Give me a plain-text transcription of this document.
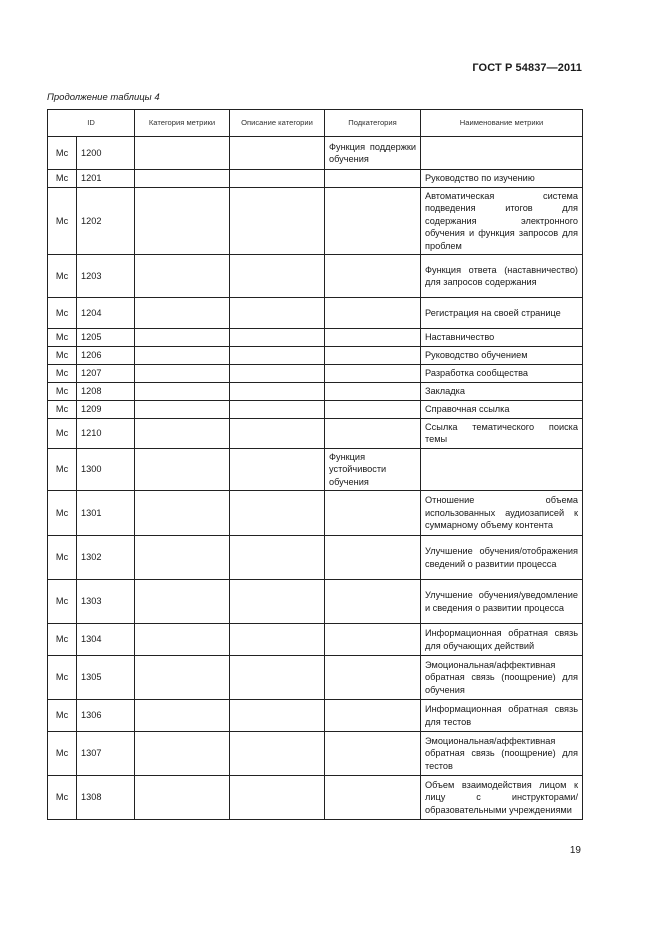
ГОСТ Р 54837—2011
Продолжение таблицы 4
ID		Категория метрики	Описание категории	Подкатегория	Наименование метрики
Мс	1200			Функция поддержки обучения	
Мс	1201				Руководство по изучению
Мс	1202				Автоматическая система подведения итогов для содержания электронного обучения и функция запросов для проблем
Мс	1203				Функция ответа (наставничество) для запросов содержания
Мс	1204				Регистрация на своей странице
Мс	1205				Наставничество
Мс	1206				Руководство обучением
Мс	1207				Разработка сообщества
Мс	1208				Закладка
Мс	1209				Справочная ссылка
Мс	1210				Ссылка тематического поиска темы
Мс	1300			Функция устойчивости обучения	
Мс	1301				Отношение объема использованных аудиозаписей к суммарному объему контента
Мс	1302				Улучшение обучения/отображения сведений о развитии процесса
Мс	1303				Улучшение обучения/уведомление и сведения о развитии процесса
Мс	1304				Информационная обратная связь для обучающих действий
Мс	1305				Эмоциональная/аффективная обратная связь (поощрение) для обучения
Мс	1306				Информационная обратная связь для тестов
Мс	1307				Эмоциональная/аффективная обратная связь (поощрение) для тестов
Мс	1308				Объем взаимодействия лицом к лицу с инструкторами/образовательными учреждениями
19
